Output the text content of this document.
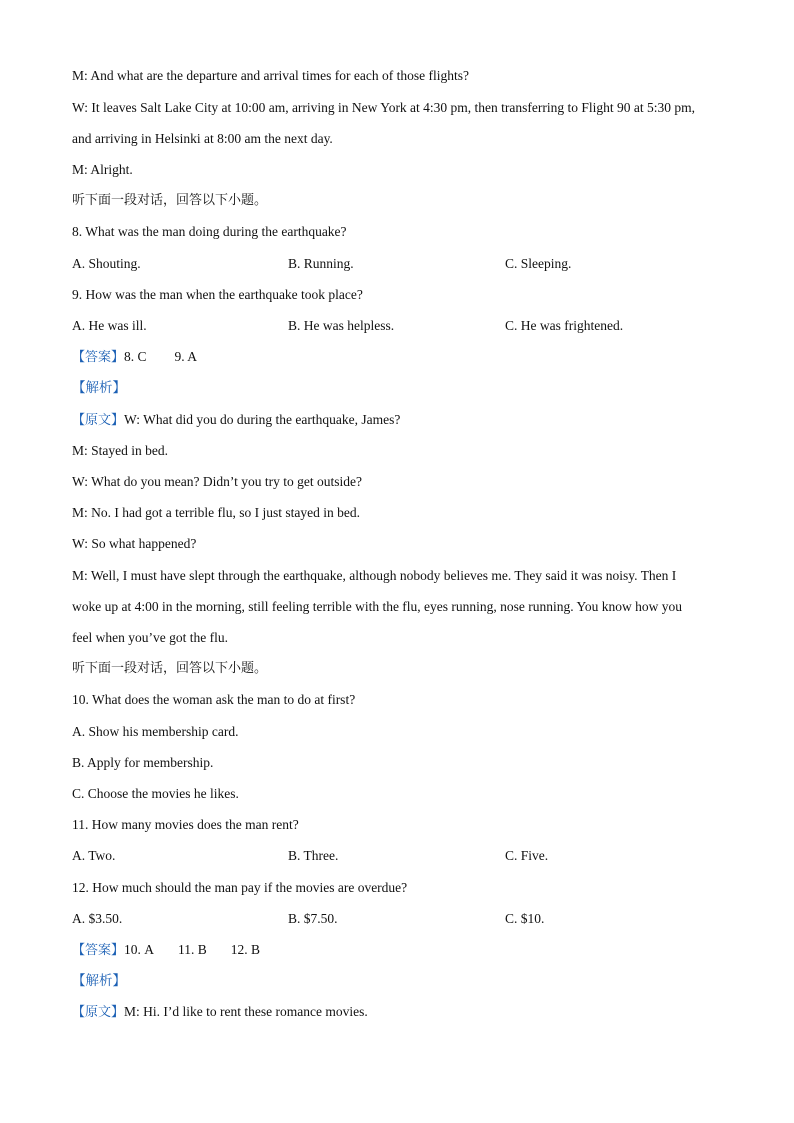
M: And what are the departure and arrival times for each of those flights?
W: It leaves Salt Lake City at 10:00 am, arriving in New York at 4:30 pm, then transferring to Flight 90 at 5:30 pm,
and arriving in Helsinki at 8:00 am the next day.
M: Alright.
听下面一段对话，回答以下小题。
8. What was the man doing during the earthquake?
A. Shouting.	B. Running.	C. Sleeping.
9. How was the man when the earthquake took place?
A. He was ill.	B. He was helpless.	C. He was frightened.
【答案】8. C 9. A
【解析】
【原文】W: What did you do during the earthquake, James?
M: Stayed in bed.
W: What do you mean? Didn’t you try to get outside?
M: No. I had got a terrible flu, so I just stayed in bed.
W: So what happened?
M: Well, I must have slept through the earthquake, although nobody believes me. They said it was noisy. Then I
woke up at 4:00 in the morning, still feeling terrible with the flu, eyes running, nose running. You know how you
feel when you’ve got the flu.
听下面一段对话，回答以下小题。
10. What does the woman ask the man to do at first?
A. Show his membership card.
B. Apply for membership.
C. Choose the movies he likes.
11. How many movies does the man rent?
A. Two.	B. Three.	C. Five.
12. How much should the man pay if the movies are overdue?
A. $3.50.	B. $7.50.	C. $10.
【答案】10. A 11. B 12. B
【解析】
【原文】M: Hi. I’d like to rent these romance movies.
